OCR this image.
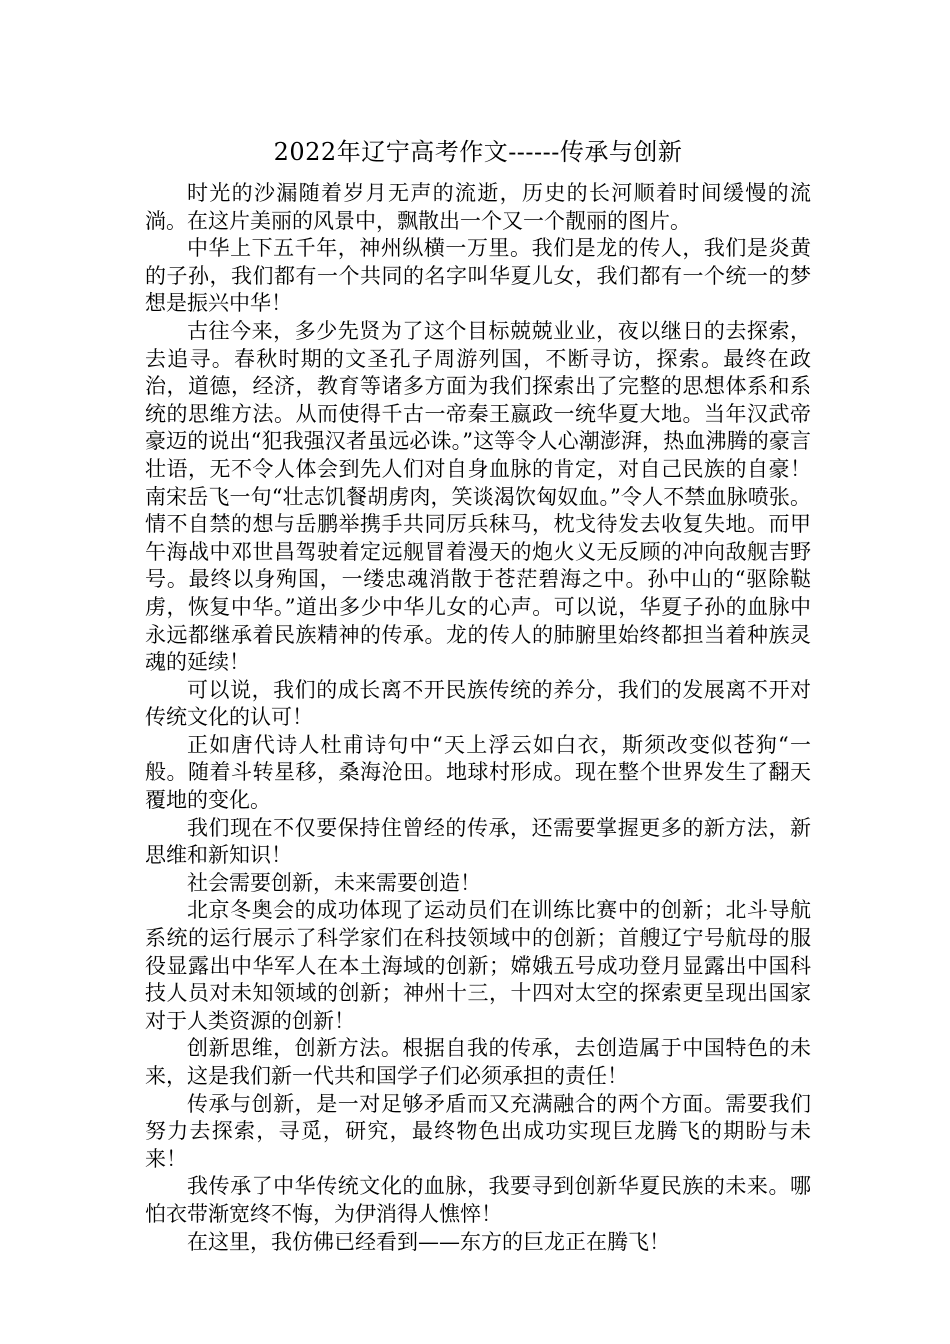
2022年辽宁高考作文------传承与创新

时光的沙漏随着岁月无声的流逝，历史的长河顺着时间缓慢的流淌。在这片美丽的风景中，飘散出一个又一个靓丽的图片。

中华上下五千年，神州纵横一万里。我们是龙的传人，我们是炎黄的子孙，我们都有一个共同的名字叫华夏儿女，我们都有一个统一的梦想是振兴中华！

古往今来，多少先贤为了这个目标兢兢业业，夜以继日的去探索，去追寻。春秋时期的文圣孔子周游列国，不断寻访，探索。最终在政治，道德，经济，教育等诸多方面为我们探索出了完整的思想体系和系统的思维方法。从而使得千古一帝秦王嬴政一统华夏大地。当年汉武帝豪迈的说出“犯我强汉者虽远必诛。”这等令人心潮澎湃，热血沸腾的豪言壮语，无不令人体会到先人们对自身血脉的肯定，对自己民族的自豪！南宋岳飞一句“壮志饥餐胡虏肉，笑谈渴饮匈奴血。”令人不禁血脉喷张。情不自禁的想与岳鹏举携手共同厉兵秣马，枕戈待发去收复失地。而甲午海战中邓世昌驾驶着定远舰冒着漫天的炮火义无反顾的冲向敌舰吉野号。最终以身殉国，一缕忠魂消散于苍茫碧海之中。孙中山的“驱除鞑虏，恢复中华。”道出多少中华儿女的心声。可以说，华夏子孙的血脉中永远都继承着民族精神的传承。龙的传人的肺腑里始终都担当着种族灵魂的延续！

可以说，我们的成长离不开民族传统的养分，我们的发展离不开对传统文化的认可！

正如唐代诗人杜甫诗句中“天上浮云如白衣，斯须改变似苍狗“一般。随着斗转星移，桑海沧田。地球村形成。现在整个世界发生了翻天覆地的变化。

我们现在不仅要保持住曾经的传承，还需要掌握更多的新方法，新思维和新知识！

社会需要创新，未来需要创造！

北京冬奥会的成功体现了运动员们在训练比赛中的创新；北斗导航系统的运行展示了科学家们在科技领域中的创新；首艘辽宁号航母的服役显露出中华军人在本土海域的创新；嫦娥五号成功登月显露出中国科技人员对未知领域的创新；神州十三，十四对太空的探索更呈现出国家对于人类资源的创新！

创新思维，创新方法。根据自我的传承，去创造属于中国特色的未来，这是我们新一代共和国学子们必须承担的责任！

传承与创新，是一对足够矛盾而又充满融合的两个方面。需要我们努力去探索，寻觅，研究，最终物色出成功实现巨龙腾飞的期盼与未来！

我传承了中华传统文化的血脉，我要寻到创新华夏民族的未来。哪怕衣带渐宽终不悔，为伊消得人憔悴！

在这里，我仿佛已经看到——东方的巨龙正在腾飞！
